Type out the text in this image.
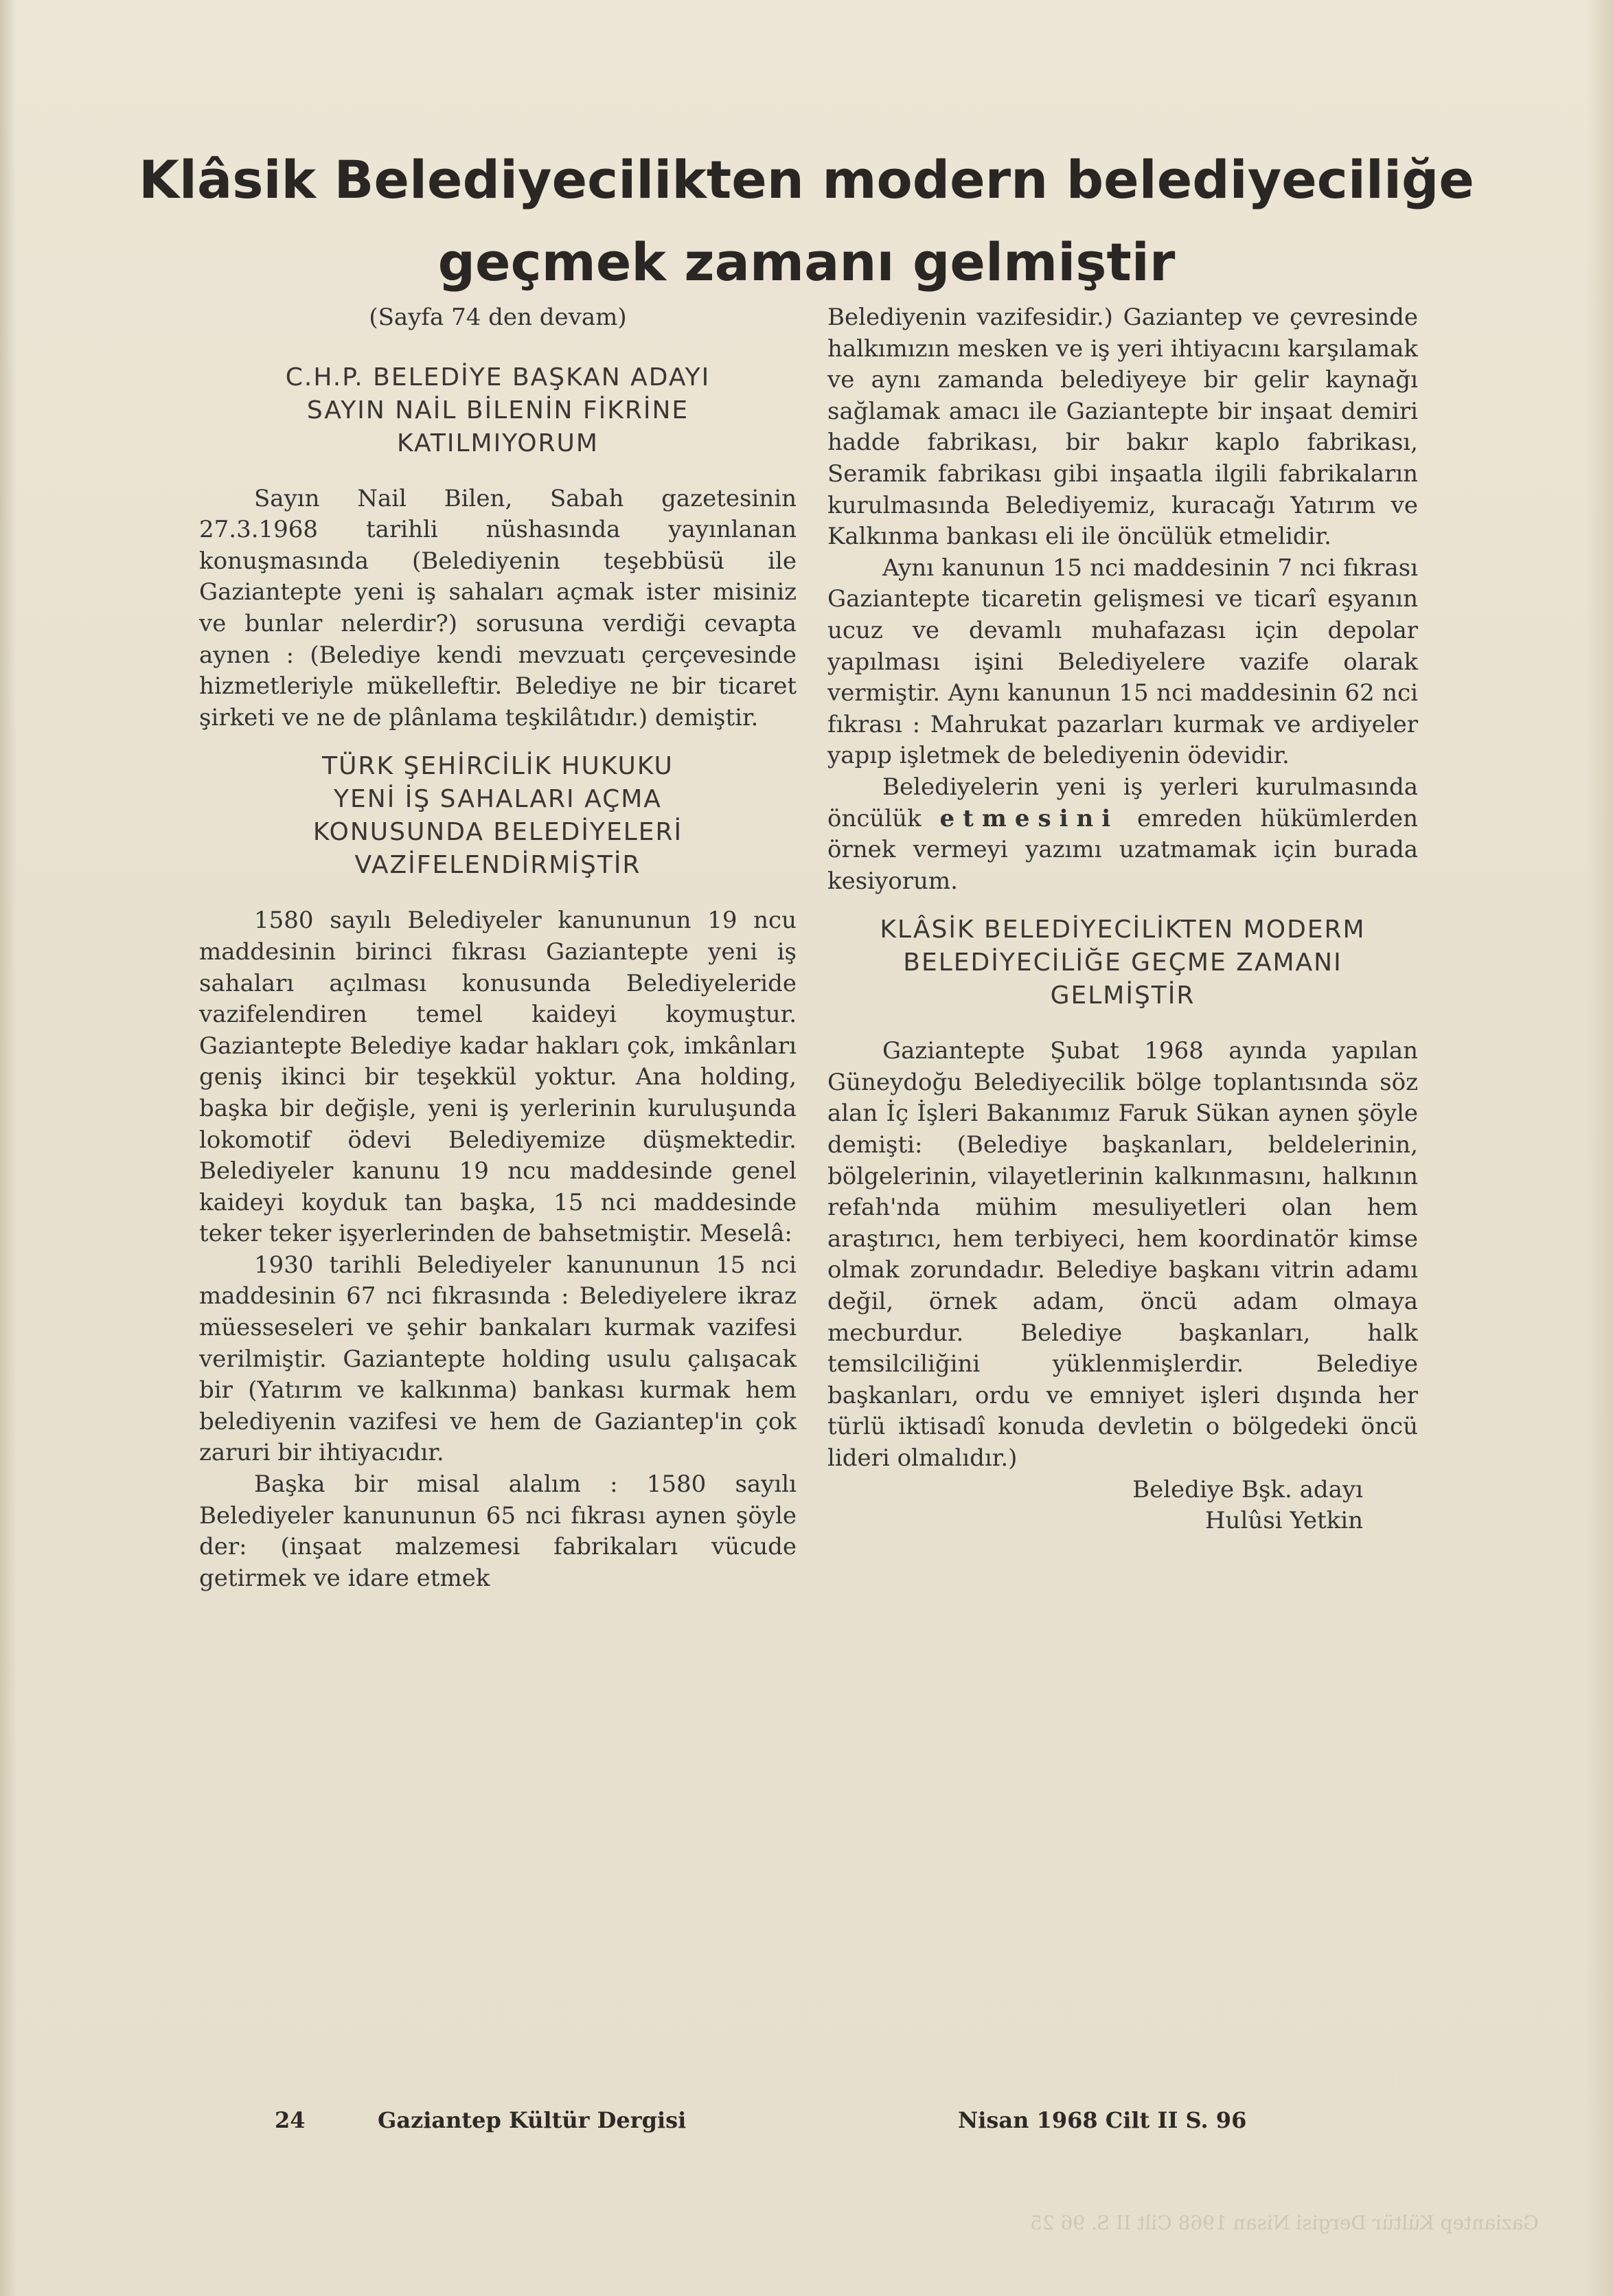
Klâsik Belediyecilikten modern belediyeciliğe
geçmek zamanı gelmiştir

(Sayfa 74 den devam)

C.H.P. BELEDİYE BAŞKAN ADAYI
SAYIN NAİL BİLENİN FİKRİNE
KATILMIYORUM

Sayın Nail Bilen, Sabah gazetesinin 27.3.1968 tarihli nüshasında yayınlanan konuşmasında (Belediyenin teşebbüsü ile Gaziantepte yeni iş sahaları açmak ister misiniz ve bunlar nelerdir?) sorusuna verdiği cevapta aynen : (Belediye kendi mevzuatı çerçevesinde hizmetleriyle mükelleftir. Belediye ne bir ticaret şirketi ve ne de plânlama teşkilâtıdır.) demiştir.

TÜRK ŞEHİRCİLİK HUKUKU
YENİ İŞ SAHALARI AÇMA
KONUSUNDA BELEDİYELERİ
VAZİFELENDİRMİŞTİR

1580 sayılı Belediyeler kanununun 19 ncu maddesinin birinci fıkrası Gaziantepte yeni iş sahaları açılması konusunda Belediyeleride vazifelendiren temel kaideyi koymuştur. Gaziantepte Belediye kadar hakları çok, imkânları geniş ikinci bir teşekkül yoktur. Ana holding, başka bir değişle, yeni iş yerlerinin kuruluşunda lokomotif ödevi Belediyemize düşmektedir. Belediyeler kanunu 19 ncu maddesinde genel kaideyi koyduk tan başka, 15 nci maddesinde teker teker işyerlerinden de bahsetmiştir. Meselâ:

1930 tarihli Belediyeler kanununun 15 nci maddesinin 67 nci fıkrasında : Belediyelere ikraz müesseseleri ve şehir bankaları kurmak vazifesi verilmiştir. Gaziantepte holding usulu çalışacak bir (Yatırım ve kalkınma) bankası kurmak hem belediyenin vazifesi ve hem de Gaziantep'in çok zaruri bir ihtiyacıdır.

Başka bir misal alalım : 1580 sayılı Belediyeler kanununun 65 nci fıkrası aynen şöyle der: (inşaat malzemesi fabrikaları vücude getirmek ve idare etmek

Belediyenin vazifesidir.) Gaziantep ve çevresinde halkımızın mesken ve iş yeri ihtiyacını karşılamak ve aynı zamanda belediyeye bir gelir kaynağı sağlamak amacı ile Gaziantepte bir inşaat demiri hadde fabrikası, bir bakır kaplo fabrikası, Seramik fabrikası gibi inşaatla ilgili fabrikaların kurulmasında Belediyemiz, kuracağı Yatırım ve Kalkınma bankası eli ile öncülük etmelidir.

Aynı kanunun 15 nci maddesinin 7 nci fıkrası Gaziantepte ticaretin gelişmesi ve ticarî eşyanın ucuz ve devamlı muhafazası için depolar yapılması işini Belediyelere vazife olarak vermiştir. Aynı kanunun 15 nci maddesinin 62 nci fıkrası : Mahrukat pazarları kurmak ve ardiyeler yapıp işletmek de belediyenin ödevidir.

Belediyelerin yeni iş yerleri kurulmasında öncülük etmesini emreden hükümlerden örnek vermeyi yazımı uzatmamak için burada kesiyorum.

KLÂSİK BELEDİYECİLİKTEN MODERM
BELEDİYECİLİĞE GEÇME ZAMANI
GELMİŞTİR

Gaziantepte Şubat 1968 ayında yapılan Güneydoğu Belediyecilik bölge toplantısında söz alan İç İşleri Bakanımız Faruk Sükan aynen şöyle demişti: (Belediye başkanları, beldelerinin, bölgelerinin, vilayetlerinin kalkınmasını, halkının refah'nda mühim mesuliyetleri olan hem araştırıcı, hem terbiyeci, hem koordinatör kimse olmak zorundadır. Belediye başkanı vitrin adamı değil, örnek adam, öncü adam olmaya mecburdur. Belediye başkanları, halk temsilciliğini yüklenmişlerdir. Belediye başkanları, ordu ve emniyet işleri dışında her türlü iktisadî konuda devletin o bölgedeki öncü lideri olmalıdır.)

Belediye Bşk. adayı
Hulûsi Yetkin

24	Gaziantep Kültür Dergisi	Nisan 1968 Cilt II S. 96
Gaziantep Kültür Dergisi Nisan 1968 Cilt II S. 96 25
